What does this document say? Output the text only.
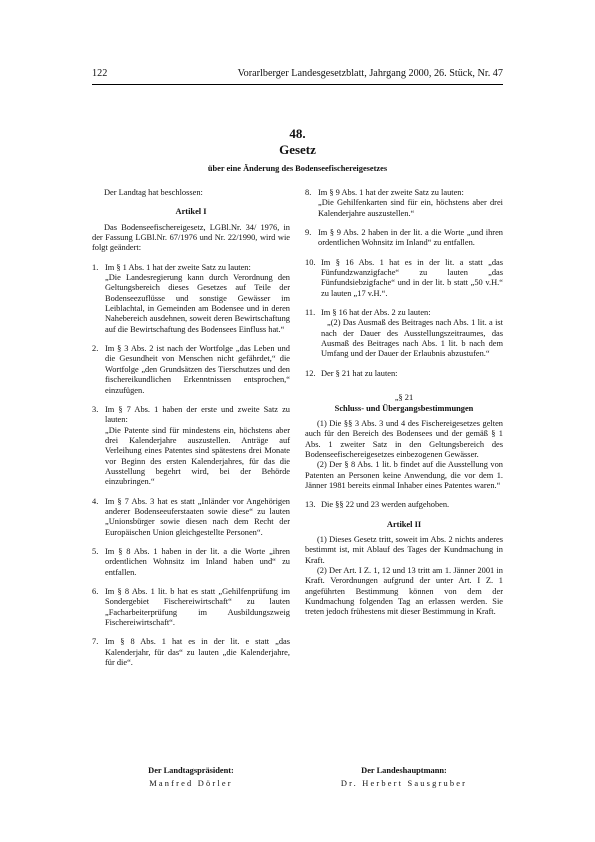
122	Vorarlberger Landesgesetzblatt, Jahrgang 2000, 26. Stück, Nr. 47
48.
Gesetz
über eine Änderung des Bodenseefischereigesetzes

Der Landtag hat beschlossen:

Artikel I

Das Bodenseefischereigesetz, LGBl.Nr. 34/ 1976, in der Fassung LGBl.Nr. 67/1976 und Nr. 22/1990, wird wie folgt geändert:

1. Im § 1 Abs. 1 hat der zweite Satz zu lauten:

„Die Landesregierung kann durch Verordnung den Geltungsbereich dieses Gesetzes auf Teile der Bodenseezuflüsse und sonstige Gewässer im Leiblachtal, in Gemeinden am Bodensee und in deren Nahebereich ausdehnen, soweit deren Bewirtschaftung auf die Bewirtschaftung des Bodensees Einfluss hat.“

2. Im § 3 Abs. 2 ist nach der Wortfolge „das Leben und die Gesundheit von Menschen nicht gefährdet,“ die Wortfolge „den Grundsätzen des Tierschutzes und den fischereikundlichen Erkenntnissen entsprochen,“ einzufügen.

3. Im § 7 Abs. 1 haben der erste und zweite Satz zu lauten:

„Die Patente sind für mindestens ein, höchstens aber drei Kalenderjahre auszustellen. Anträge auf Verleihung eines Patentes sind spätestens drei Monate vor Beginn des ersten Kalenderjahres, für das die Ausstellung begehrt wird, bei der Behörde einzubringen.“

4. Im § 7 Abs. 3 hat es statt „Inländer vor Angehörigen anderer Bodenseeuferstaaten sowie diese“ zu lauten „Unionsbürger sowie diesen nach dem Recht der Europäischen Union gleichgestellte Personen“.

5. Im § 8 Abs. 1 haben in der lit. a die Worte „ihren ordentlichen Wohnsitz im Inland haben und“ zu entfallen.

6. Im § 8 Abs. 1 lit. b hat es statt „Gehilfenprüfung im Sondergebiet Fischereiwirtschaft“ zu lauten „Facharbeiterprüfung im Ausbildungszweig Fischereiwirtschaft“.

7. Im § 8 Abs. 1 hat es in der lit. e statt „das Kalenderjahr, für das“ zu lauten „die Kalenderjahre, für die“.

8. Im § 9 Abs. 1 hat der zweite Satz zu lauten:

„Die Gehilfenkarten sind für ein, höchstens aber drei Kalenderjahre auszustellen.“

9. Im § 9 Abs. 2 haben in der lit. a die Worte „und ihren ordentlichen Wohnsitz im Inland“ zu entfallen.

10. Im § 16 Abs. 1 hat es in der lit. a statt „das Fünfundzwanzigfache“ zu lauten „das Fünfundsiebzigfache“ und in der lit. b statt „50 v.H.“ zu lauten „17 v.H.“.

11. Im § 16 hat der Abs. 2 zu lauten:

„(2) Das Ausmaß des Beitrages nach Abs. 1 lit. a ist nach der Dauer des Ausstellungszeitraumes, das Ausmaß des Beitrages nach Abs. 1 lit. b nach dem Umfang und der Dauer der Erlaubnis abzustufen.“

12. Der § 21 hat zu lauten:

„§ 21

Schluss- und Übergangsbestimmungen

(1) Die §§ 3 Abs. 3 und 4 des Fischereigesetzes gelten auch für den Bereich des Bodensees und der gemäß § 1 Abs. 1 zweiter Satz in den Geltungsbereich des Bodenseefischereigesetzes einbezogenen Gewässer.

(2) Der § 8 Abs. 1 lit. b findet auf die Ausstellung von Patenten an Personen keine Anwendung, die vor dem 1. Jänner 1981 bereits einmal Inhaber eines Patentes waren.“

13. Die §§ 22 und 23 werden aufgehoben.

Artikel II

(1) Dieses Gesetz tritt, soweit im Abs. 2 nichts anderes bestimmt ist, mit Ablauf des Tages der Kundmachung in Kraft.

(2) Der Art. I Z. 1, 12 und 13 tritt am 1. Jänner 2001 in Kraft. Verordnungen aufgrund der unter Art. I Z. 1 angeführten Bestimmung können von dem der Kundmachung folgenden Tag an erlassen werden. Sie treten jedoch frühestens mit dieser Bestimmung in Kraft.

Der Landtagspräsident:
Manfred Dörler
Der Landeshauptmann:
Dr. Herbert Sausgruber
